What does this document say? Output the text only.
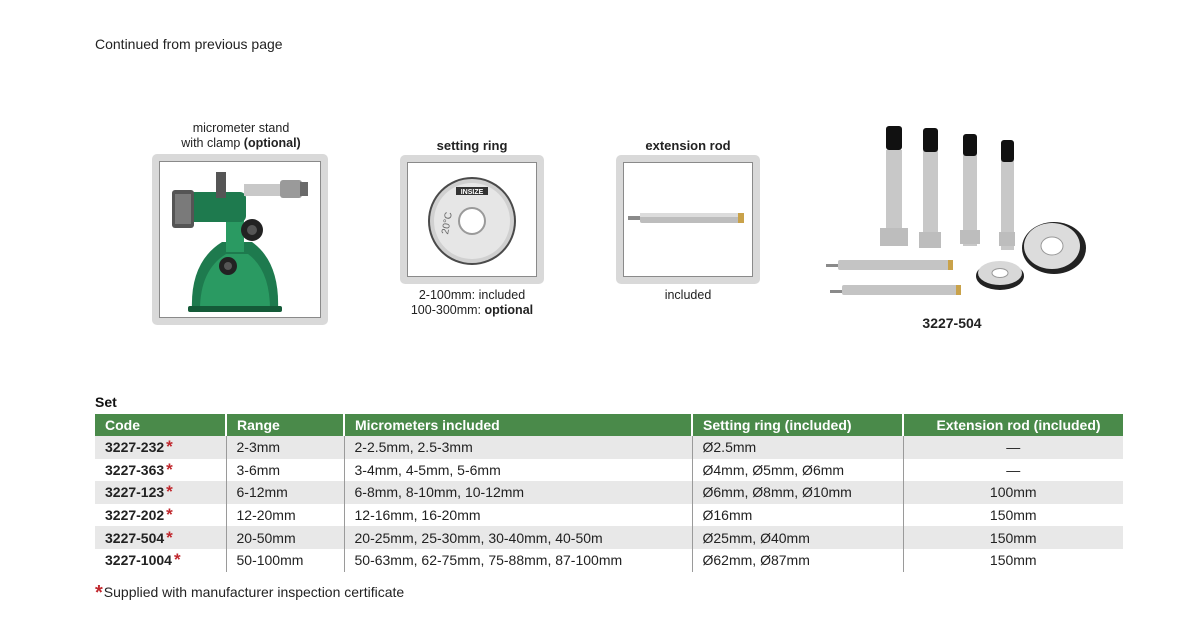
Continued from previous page
micrometer stand
with clamp (optional)	setting ring
INSIZE
20°C
2-100mm: included
100-300mm: optional
extension rod
included
3227-504
Set
Code	Range	Micrometers included	Setting ring (included)	Extension rod (included)
3227-232 *	2-3mm	2-2.5mm, 2.5-3mm	Ø2.5mm	—
3227-363 *	3-6mm	3-4mm, 4-5mm, 5-6mm	Ø4mm, Ø5mm, Ø6mm	—
3227-123 *	6-12mm	6-8mm, 8-10mm, 10-12mm	Ø6mm, Ø8mm, Ø10mm	100mm
3227-202 *	12-20mm	12-16mm, 16-20mm	Ø16mm	150mm
3227-504 *	20-50mm	20-25mm, 25-30mm, 30-40mm, 40-50m	Ø25mm, Ø40mm	150mm
3227-1004 *	50-100mm	50-63mm, 62-75mm, 75-88mm, 87-100mm	Ø62mm, Ø87mm	150mm
*Supplied with manufacturer inspection certificate
